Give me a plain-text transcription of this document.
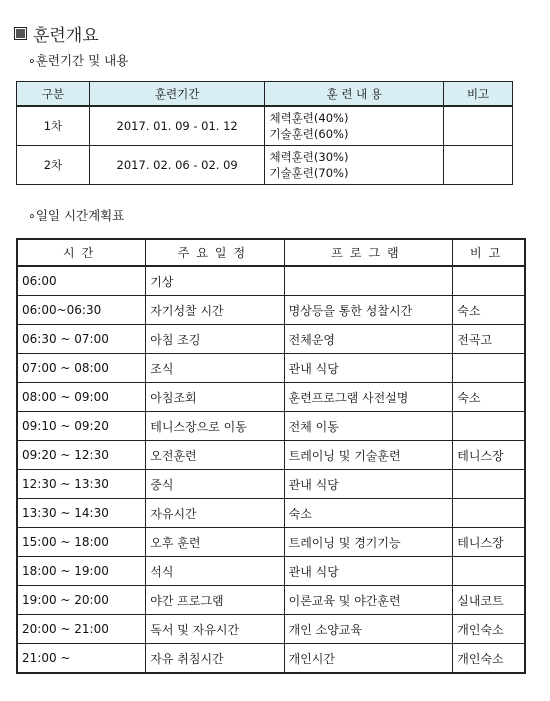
훈련개요
∘훈련기간 및 내용
구분	훈련기간	훈 련 내 용	비고
1차	2017. 01. 09 - 01. 12	체력훈련(40%)
기술훈련(60%)	

2차	2017. 02. 06 - 02. 09	체력훈련(30%)
기술훈련(70%)	

∘일일 시간계획표
시간	주요일정	프로그램	비고
06:00	기상		
06:00~06:30	자기성찰 시간	명상등을 통한 성찰시간	숙소
06:30 ~ 07:00	아침 조깅	전체운영	전곡고
07:00 ~ 08:00	조식	관내 식당	
08:00 ~ 09:00	아침조회	훈련프로그램 사전설명	숙소
09:10 ~ 09:20	테니스장으로 이동	전체 이동	
09:20 ~ 12:30	오전훈련	트레이닝 및 기술훈련	테니스장
12:30 ~ 13:30	중식	관내 식당	
13:30 ~ 14:30	자유시간	숙소	
15:00 ~ 18:00	오후 훈련	트레이닝 및 경기기능	테니스장
18:00 ~ 19:00	석식	관내 식당	
19:00 ~ 20:00	야간 프로그램	이론교육 및 야간훈련	실내코트
20:00 ~ 21:00	독서 및 자유시간	개인 소양교육	개인숙소
21:00 ~	자유 취침시간	개인시간	개인숙소
